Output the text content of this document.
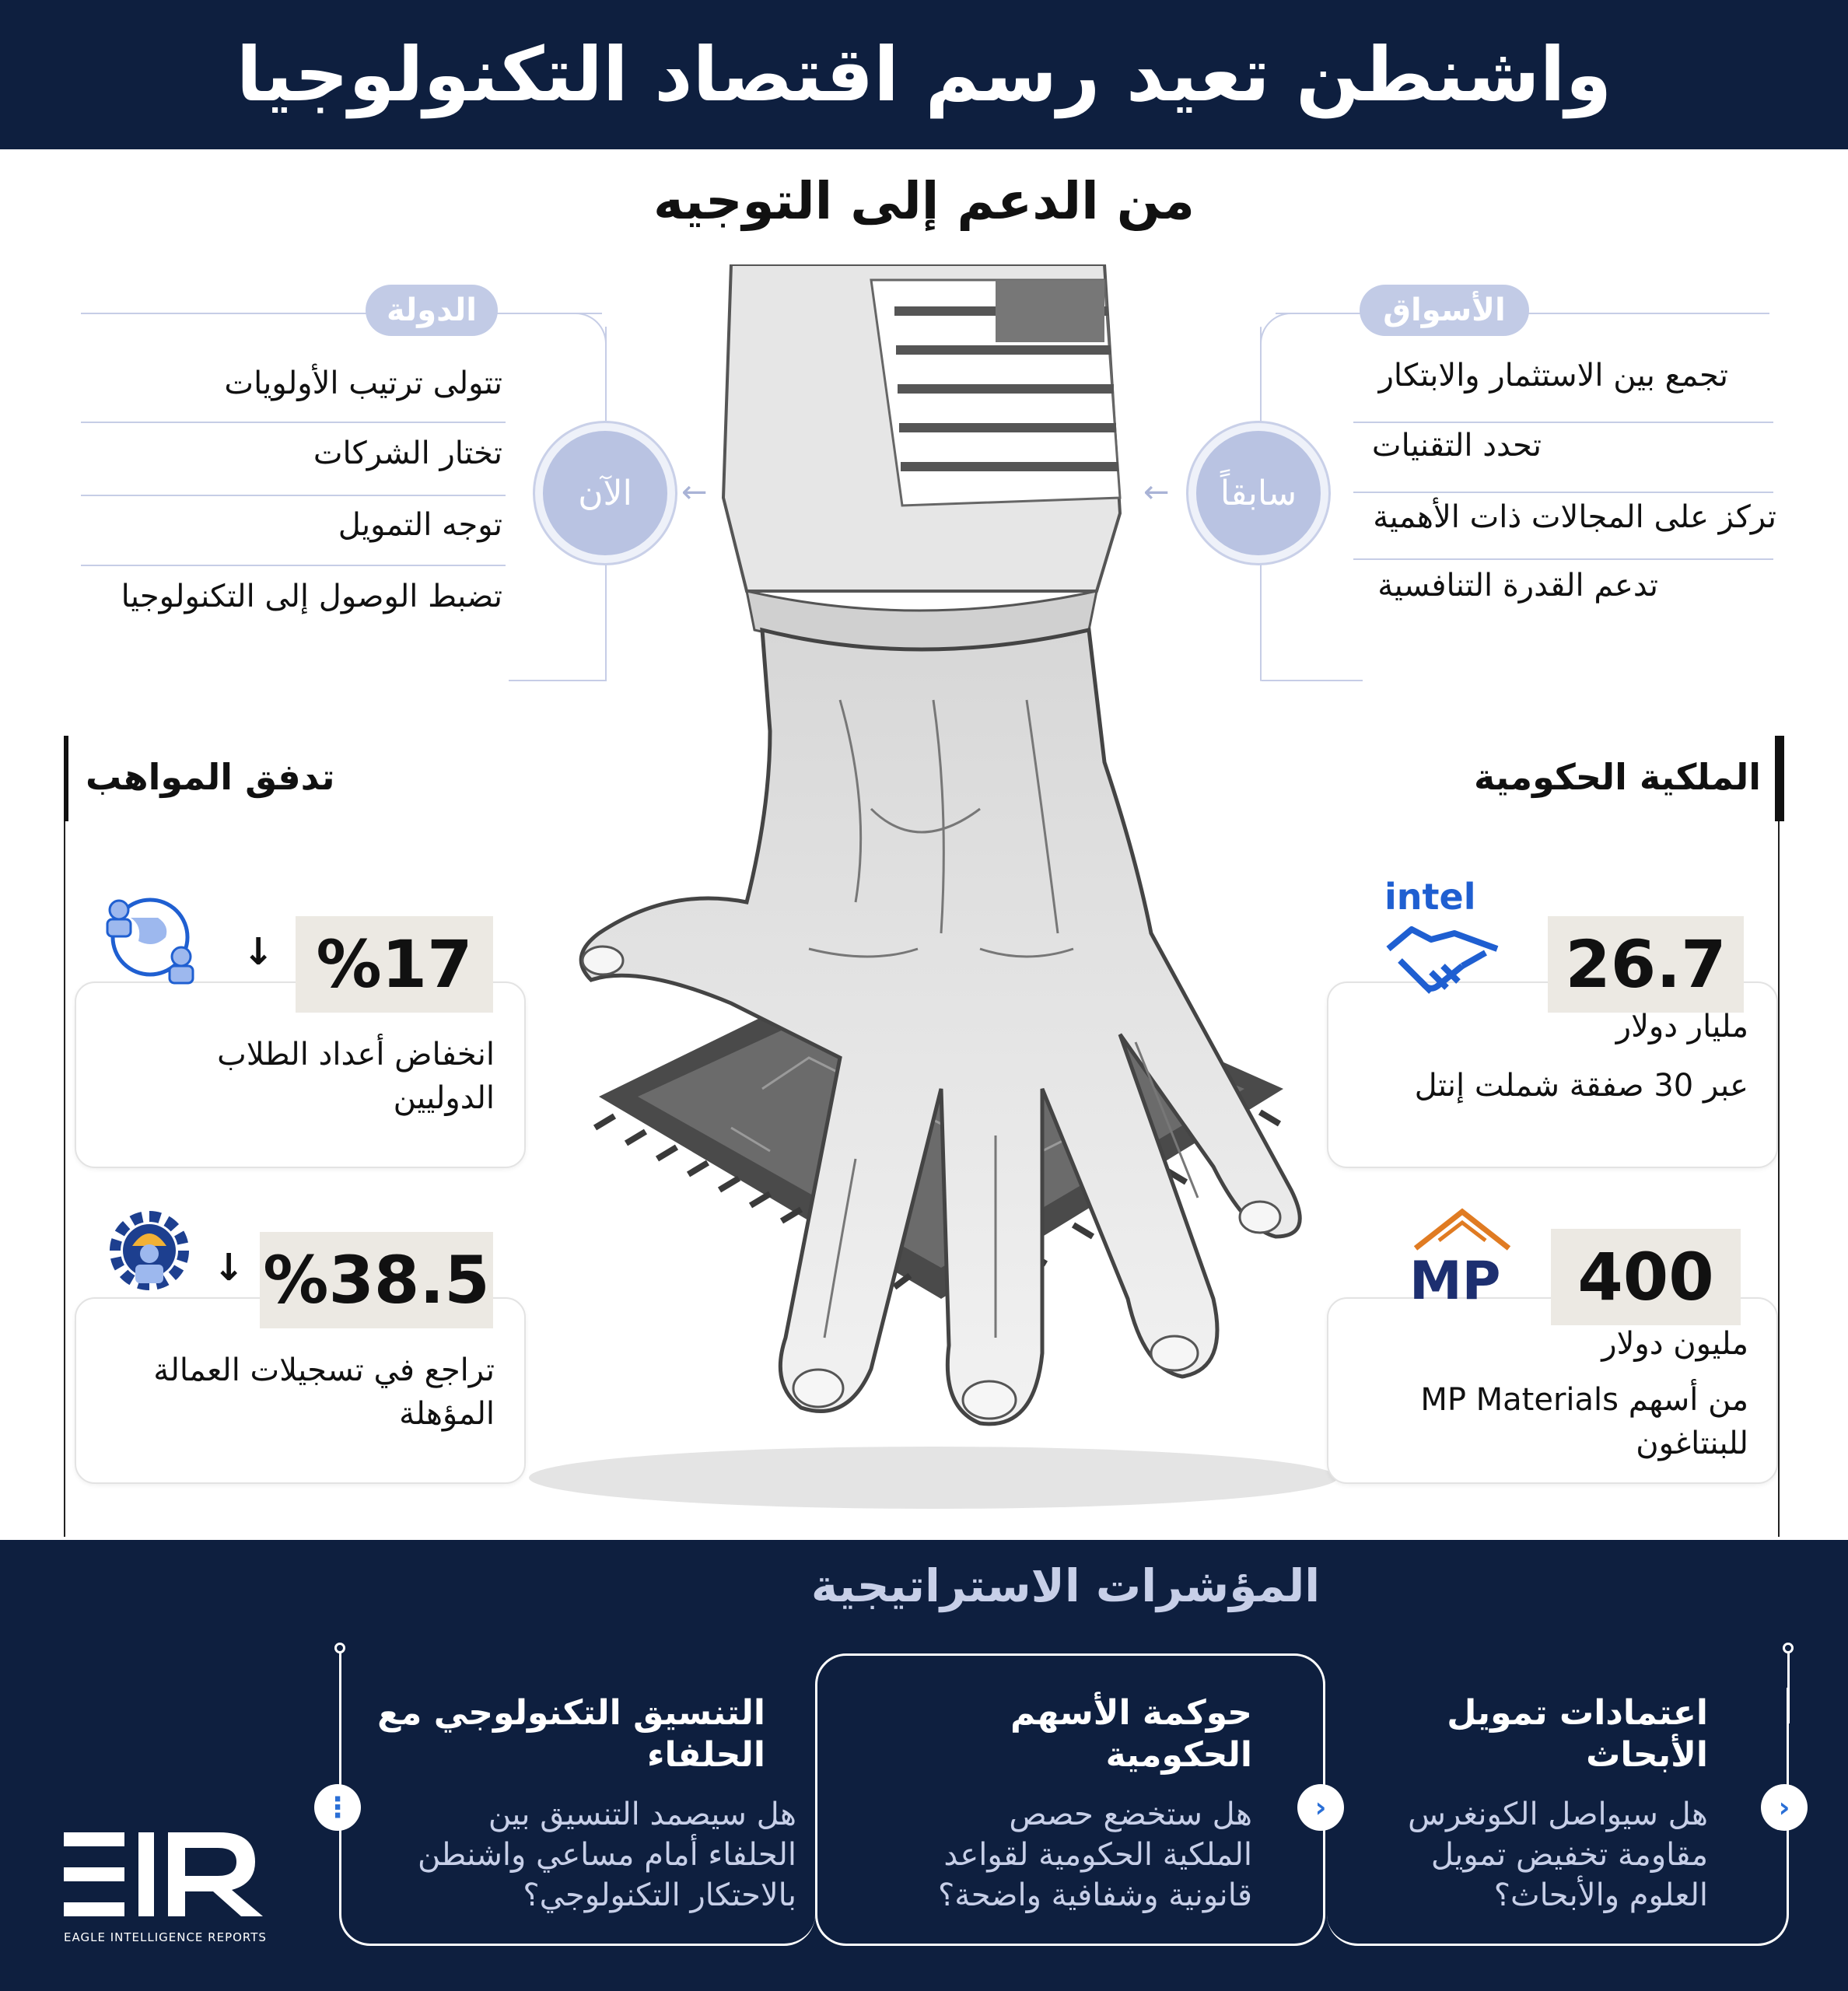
واشنطن تعيد رسم اقتصاد التكنولوجيا
من الدعم إلى التوجيه
الأسواق
سابقاً
←
تجمع بين الاستثمار والابتكار
تحدد التقنيات
تركز على المجالات ذات الأهمية
تدعم القدرة التنافسية
الدولة
الآن ←
تتولى ترتيب الأولويات
تختار الشركات
توجه التمويل
تضبط الوصول إلى التكنولوجيا
الملكية الحكومية
26.7
مليار دولار
عبر 30 صفقة شملت إنتل
intel
400
مليون دولار
من أسهم MP Materials
للبنتاغون
MP
تدفق المواهب
%17
↓
انخفاض أعداد الطلاب
الدوليين
%38.5
↓
تراجع في تسجيلات العمالة
المؤهلة
المؤشرات الاستراتيجية
اعتمادات تمويل
الأبحاث
هل سيواصل الكونغرس
مقاومة تخفيض تمويل
العلوم والأبحاث؟
‹
حوكمة الأسهم
الحكومية
هل ستخضع حصص
الملكية الحكومية لقواعد
قانونية وشفافية واضحة؟
‹
التنسيق التكنولوجي مع
الحلفاء
هل سيصمد التنسيق بين
الحلفاء أمام مساعي واشنطن
بالاحتكار التكنولوجي؟
⋮
EAGLE INTELLIGENCE REPORTS
